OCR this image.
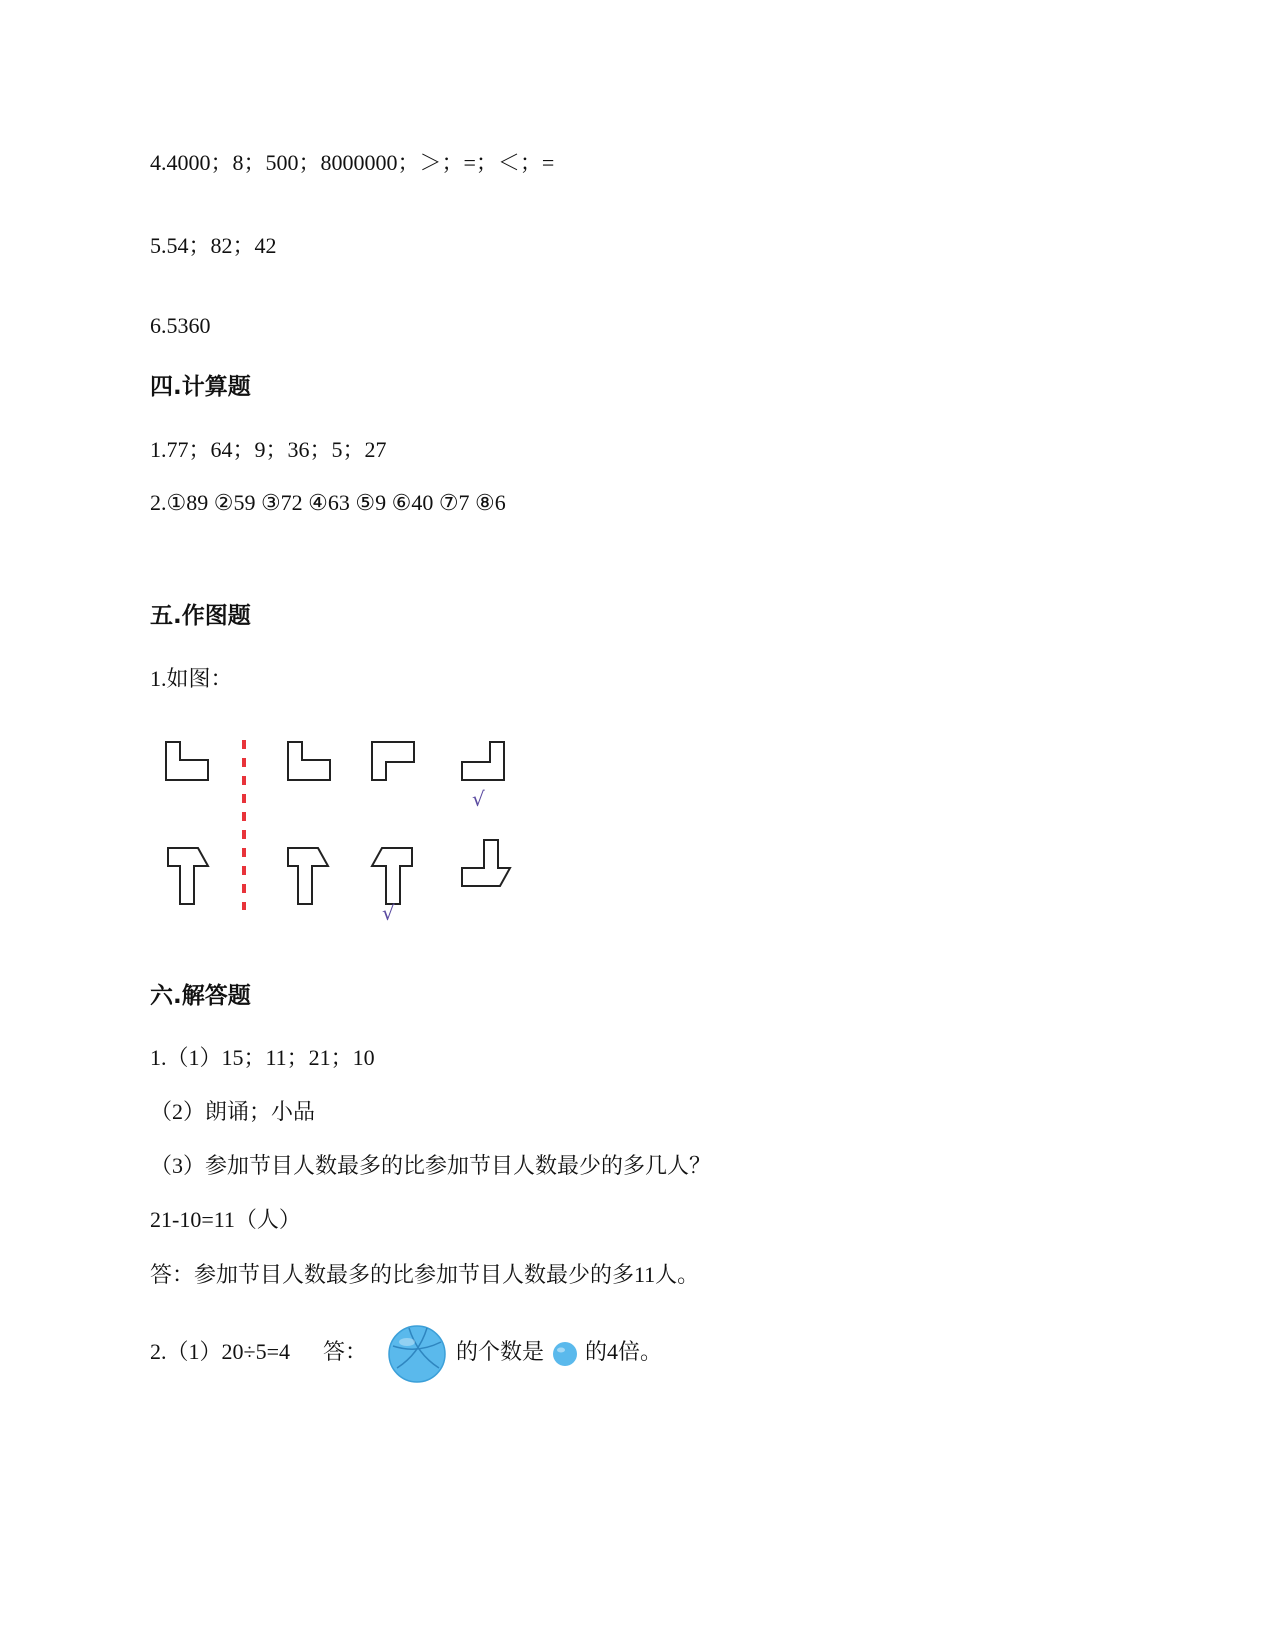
4.4000；8；500；8000000；＞；=；＜；=
5.54；82；42
6.5360
四.计算题
1.77；64；9；36；5；27
2.①89 ②59 ③72 ④63 ⑤9 ⑥40 ⑦7 ⑧6
五.作图题
1.如图：
√
√
六.解答题
1.（1）15；11；21；10
（2）朗诵；小品
（3）参加节目人数最多的比参加节目人数最少的多几人？
21-10=11（人）
答：参加节目人数最多的比参加节目人数最少的多11人。
2.（1）20÷5=4 答：	的个数是 的4倍。
